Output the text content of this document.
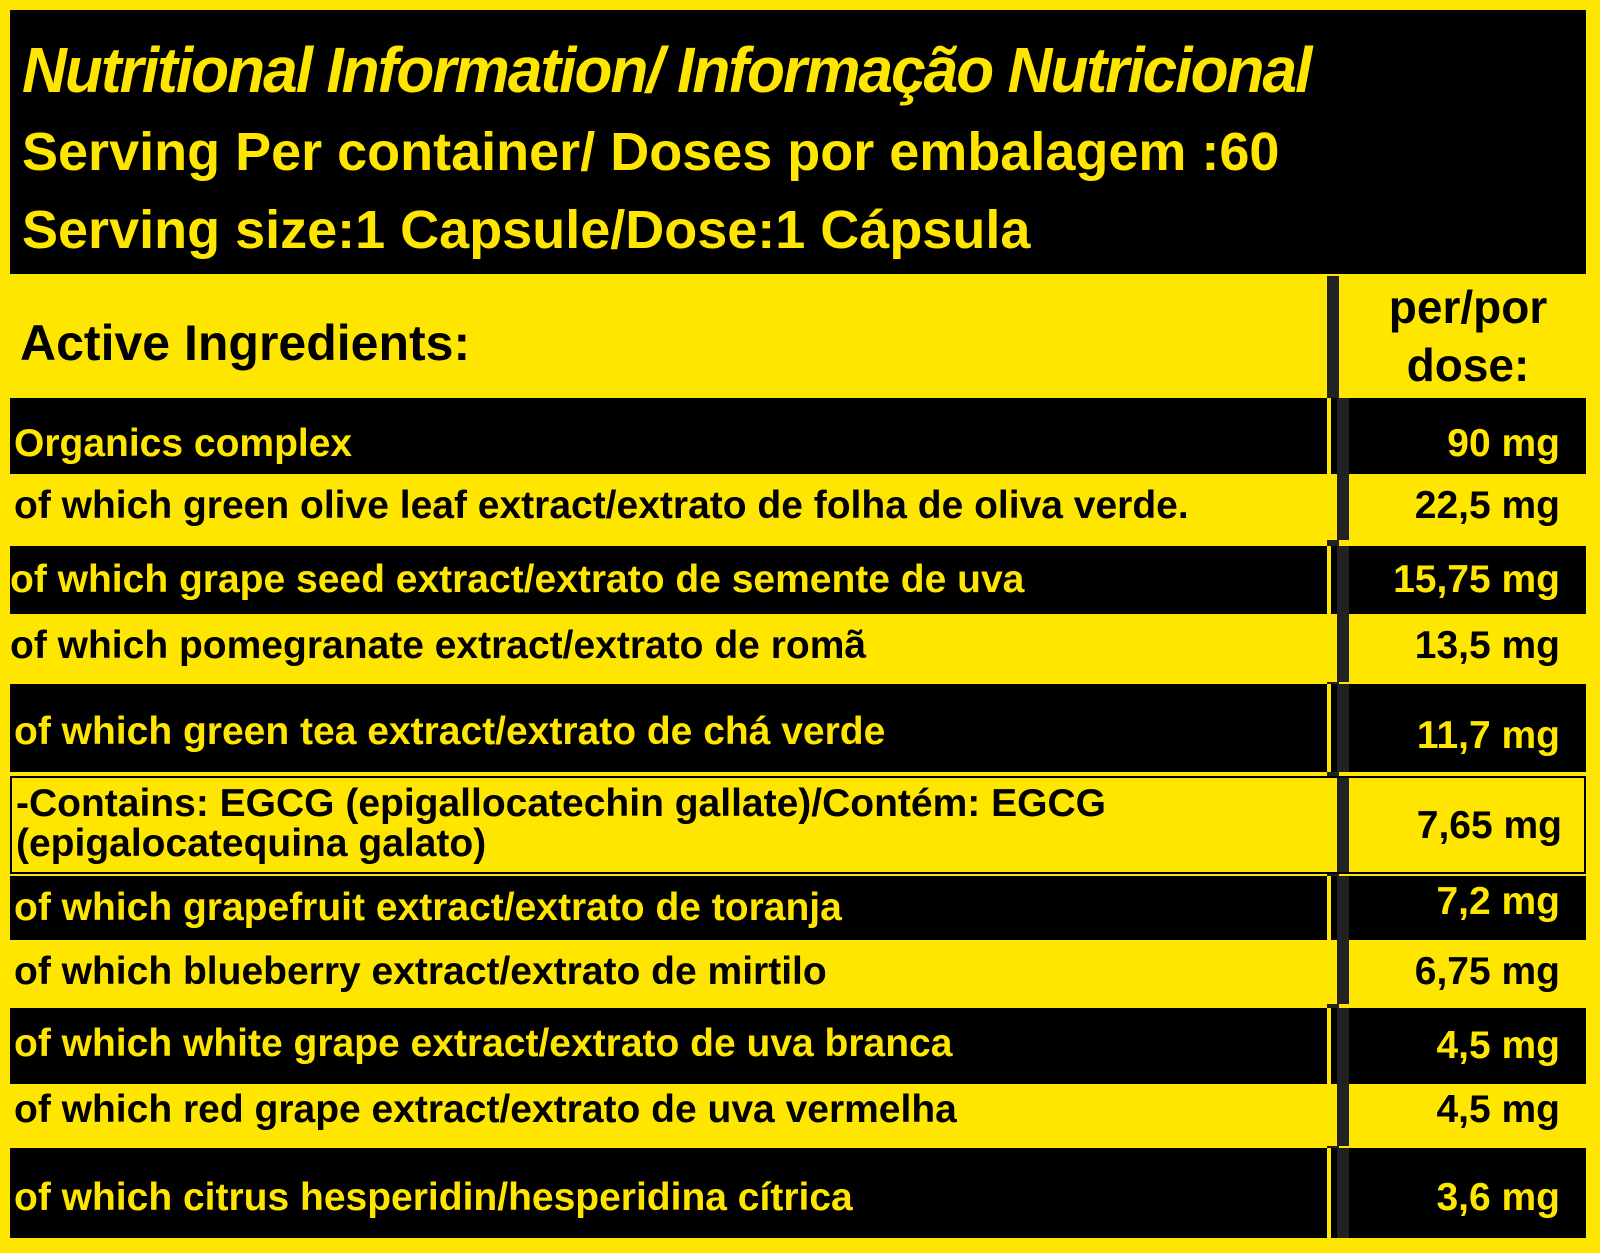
Nutritional Information/ Informação Nutricional
Serving Per container/ Doses por embalagem :60
Serving size:1 Capsule/Dose:1 Cápsula
Active Ingredients:
per/por dose:
Organics complex	90 mg
of which green olive leaf extract/extrato de folha de oliva verde.	22,5 mg
of which grape seed extract/extrato de semente de uva	15,75 mg
of which pomegranate extract/extrato de romã	13,5 mg
of which green tea extract/extrato de chá verde	11,7 mg
-Contains: EGCG (epigallocatechin gallate)/Contém: EGCG (epigalocatequina galato)	7,65 mg
of which grapefruit extract/extrato de toranja	7,2 mg
of which blueberry extract/extrato de mirtilo	6,75 mg
of which white grape extract/extrato de uva branca	4,5 mg
of which red grape extract/extrato de uva vermelha	4,5 mg
of which citrus hesperidin/hesperidina cítrica	3,6 mg
